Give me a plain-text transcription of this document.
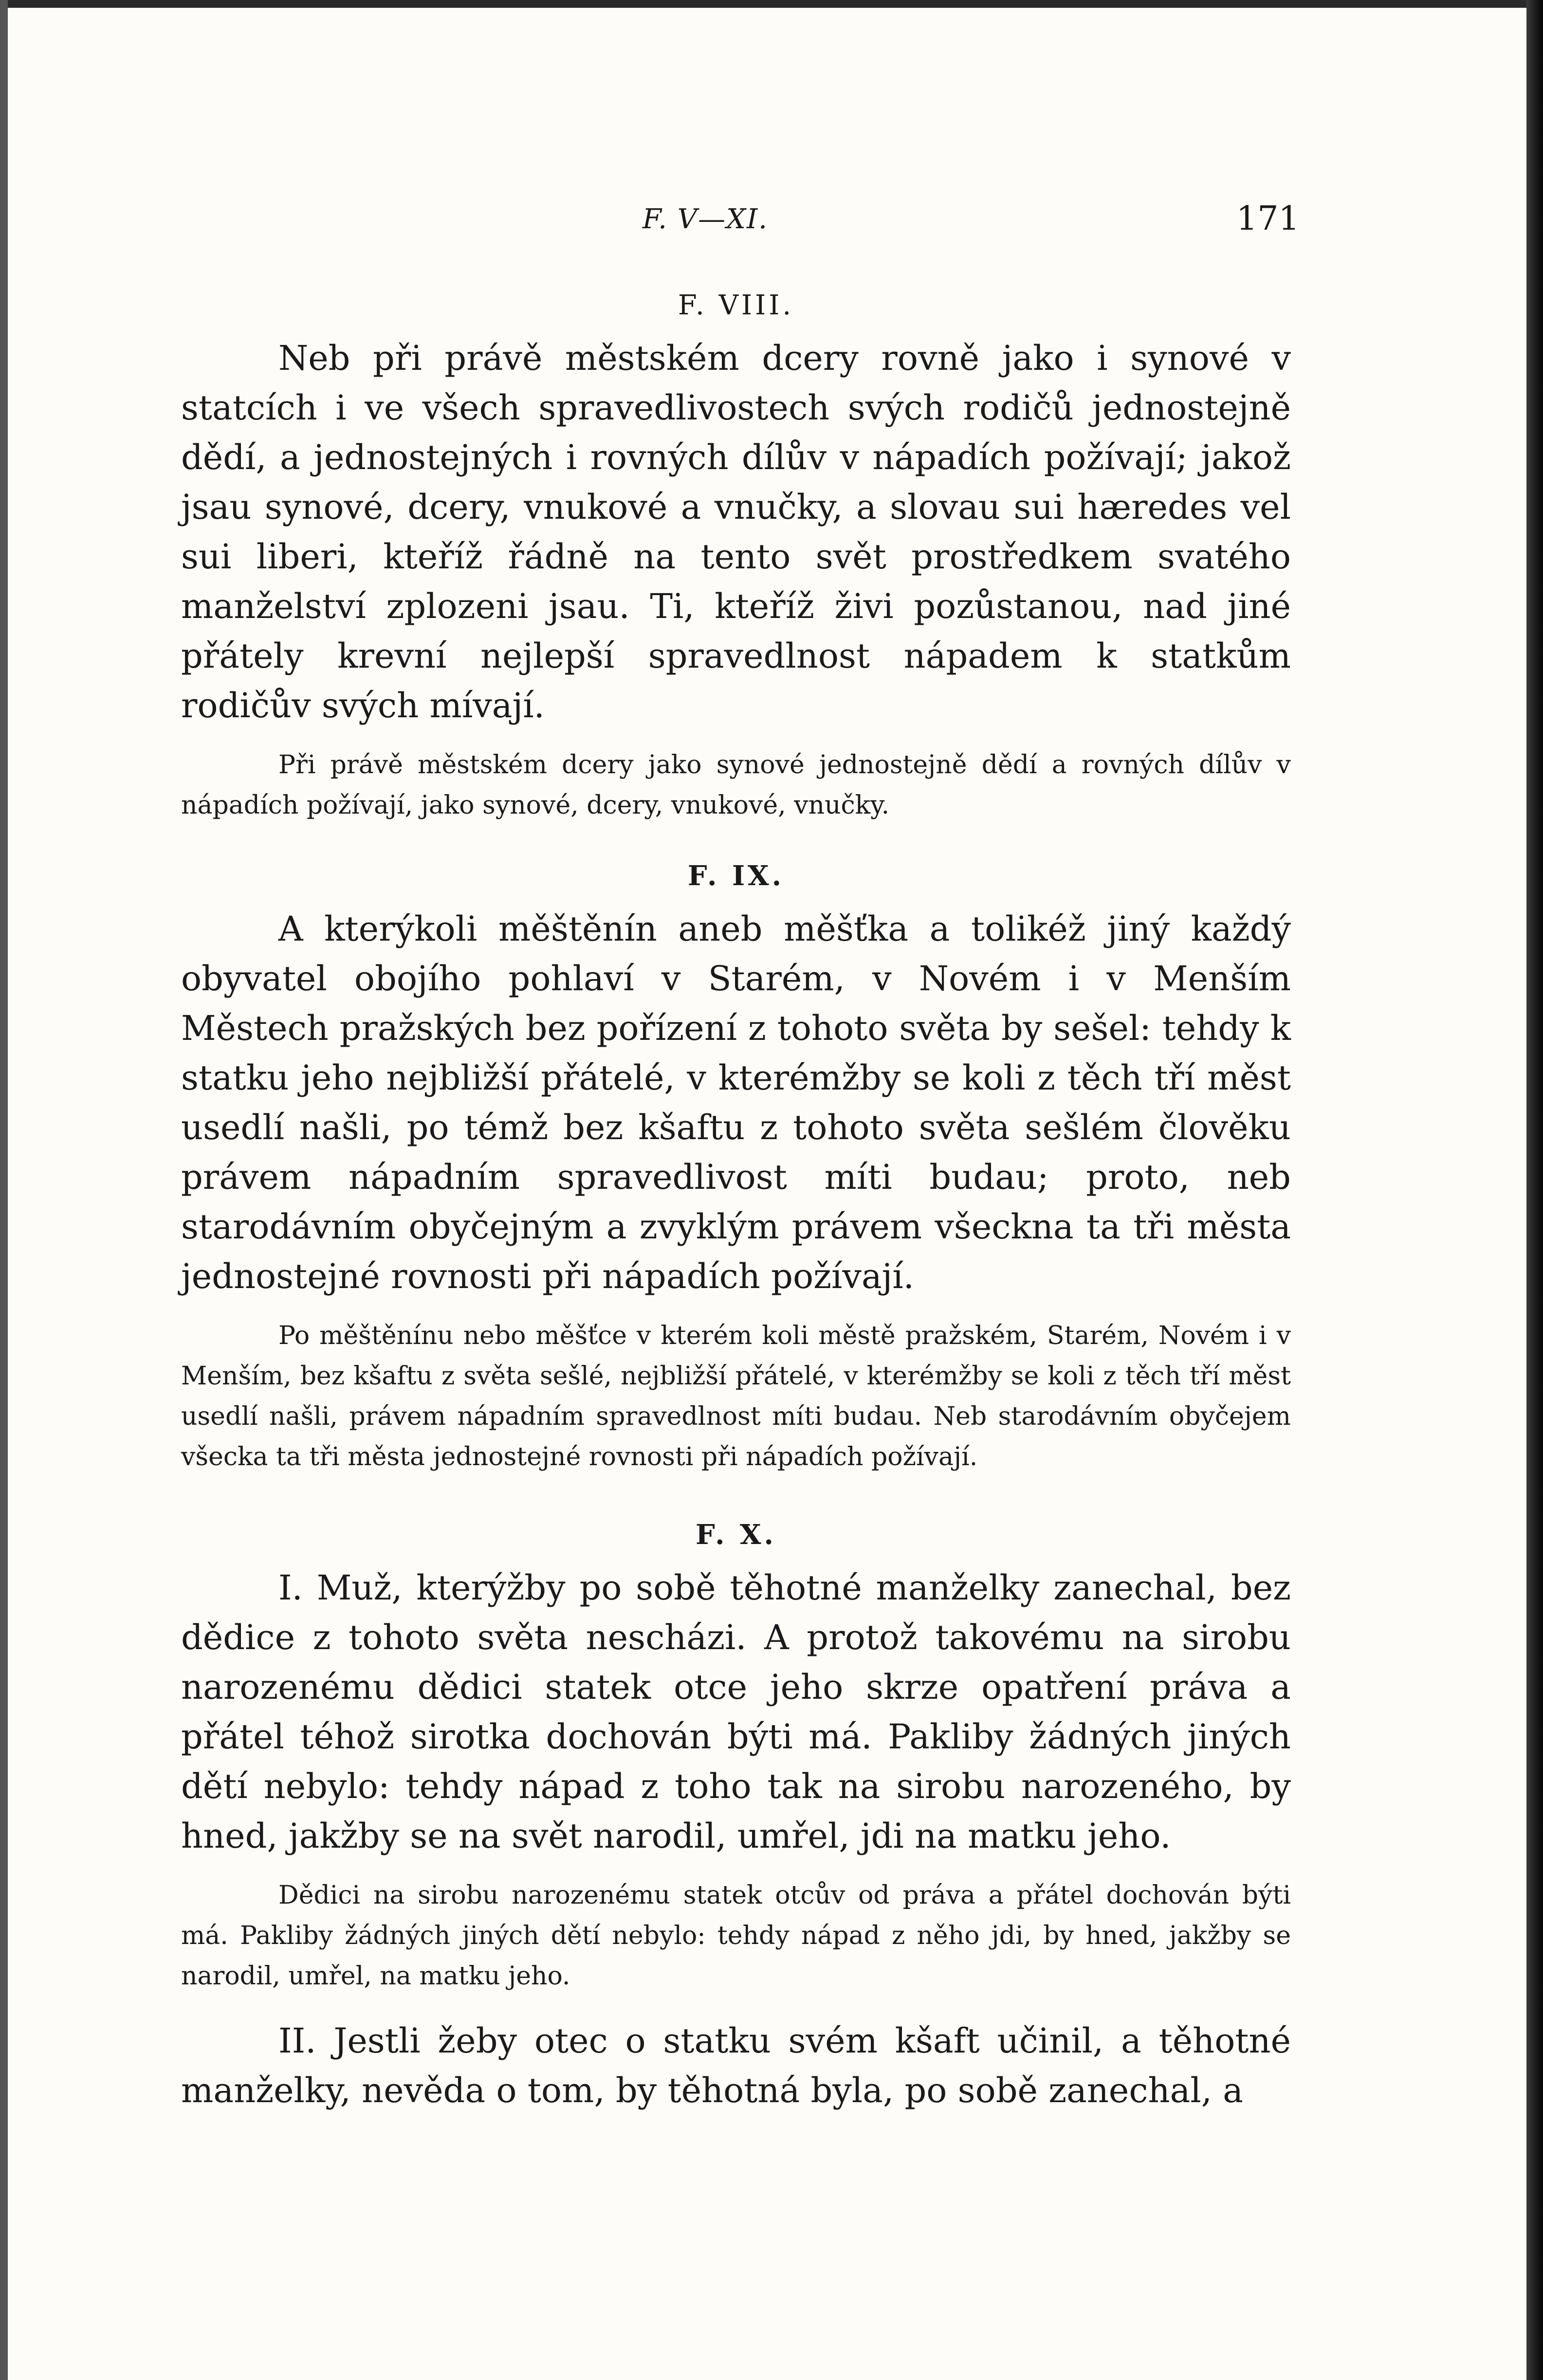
F. V—XI.	171
F. VIII.

Neb při právě městském dcery rovně jako i synové v statcích i ve všech spravedlivostech svých rodičů jednostejně dědí, a jednostejných i rovných dílův v nápadích požívají; jakož jsau synové, dcery, vnukové a vnučky, a slovau sui hæredes vel sui liberi, kteříž řádně na tento svět prostředkem svatého manželství zplozeni jsau. Ti, kteříž živi pozůstanou, nad jiné přátely krevní nejlepší spravedlnost nápadem k statkům rodičův svých mívají.

Při právě městském dcery jako synové jednostejně dědí a rovných dílův v nápadích požívají, jako synové, dcery, vnukové, vnučky.

F. IX.

A kterýkoli měštěnín aneb měšťka a tolikéž jiný každý obyvatel obojího pohlaví v Starém, v Novém i v Menším Městech pražských bez pořízení z tohoto světa by sešel: tehdy k statku jeho nejbližší přátelé, v kterémžby se koli z těch tří měst usedlí našli, po témž bez kšaftu z tohoto světa sešlém člověku právem nápadním spravedlivost míti budau; proto, neb starodávním obyčejným a zvyklým právem všeckna ta tři města jednostejné rovnosti při nápadích požívají.

Po měštěnínu nebo měšťce v kterém koli městě pražském, Starém, Novém i v Menším, bez kšaftu z světa sešlé, nejbližší přátelé, v kterémžby se koli z těch tří měst usedlí našli, právem nápadním spravedlnost míti budau. Neb starodávním obyčejem všecka ta tři města jednostejné rovnosti při nápadích požívají.

F. X.

I. Muž, kterýžby po sobě těhotné manželky zanechal, bez dědice z tohoto světa nescházi. A protož takovému na sirobu narozenému dědici statek otce jeho skrze opatření práva a přátel téhož sirotka dochován býti má. Pakliby žádných jiných dětí nebylo: tehdy nápad z toho tak na sirobu narozeného, by hned, jakžby se na svět narodil, umřel, jdi na matku jeho.

Dědici na sirobu narozenému statek otcův od práva a přátel dochován býti má. Pakliby žádných jiných dětí nebylo: tehdy nápad z něho jdi, by hned, jakžby se narodil, umřel, na matku jeho.

II. Jestli žeby otec o statku svém kšaft učinil, a těhotné manželky, nevěda o tom, by těhotná byla, po sobě zanechal, a
